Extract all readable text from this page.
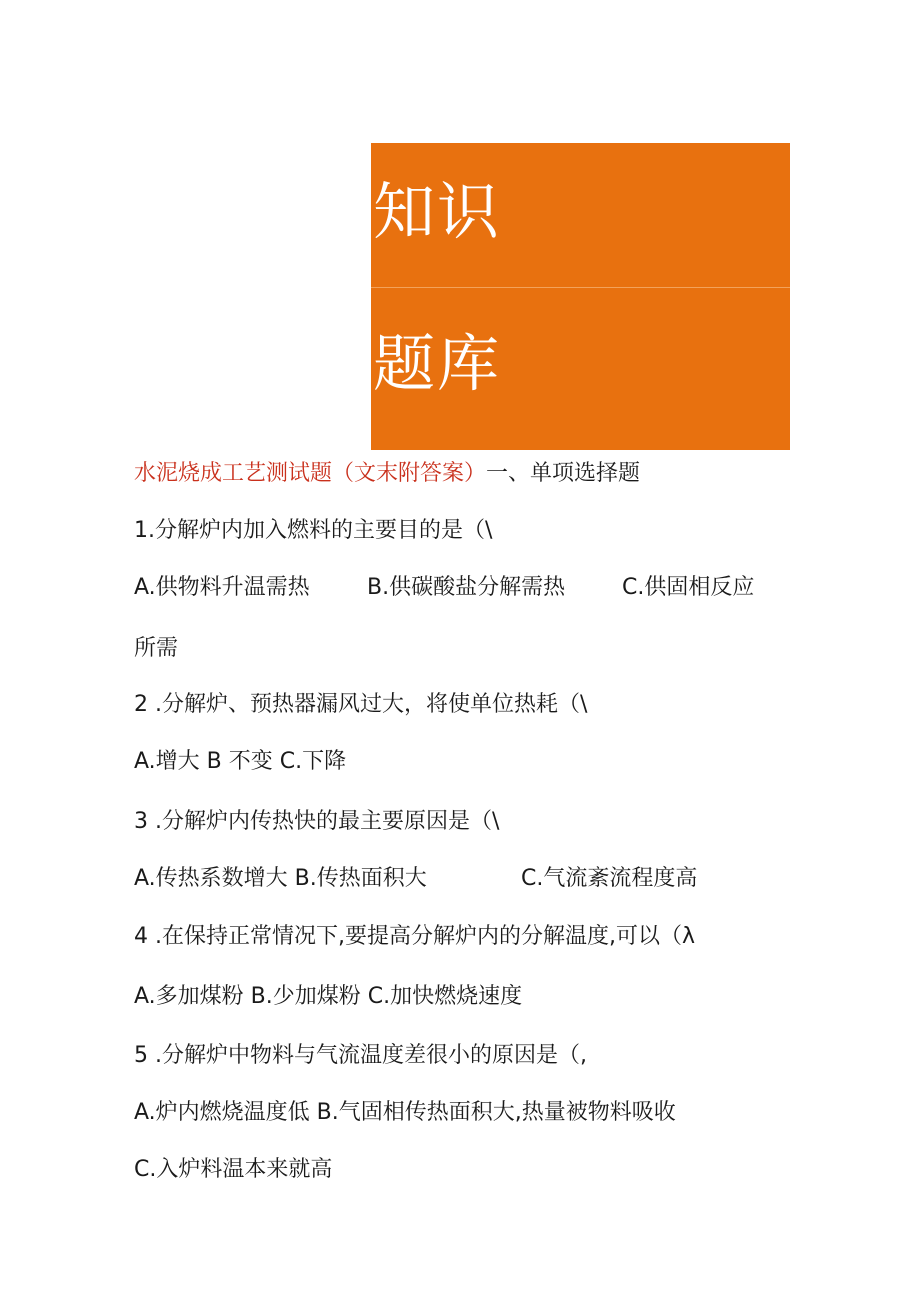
知识
题库
水泥烧成工艺测试题（文末附答案）一、单项选择题
1.分解炉内加入燃料的主要目的是（\
A.供物料升温需热	B.供碳酸盐分解需热	C.供固相反应
所需
2 .分解炉、预热器漏风过大，将使单位热耗（\
A.增大 B 不变 C.下降
3 .分解炉内传热快的最主要原因是（\
A.传热系数增大 B.传热面积大	C.气流紊流程度高
4 .在保持正常情况下,要提高分解炉内的分解温度,可以（λ
A.多加煤粉 B.少加煤粉 C.加快燃烧速度
5 .分解炉中物料与气流温度差很小的原因是（,
A.炉内燃烧温度低 B.气固相传热面积大,热量被物料吸收
C.入炉料温本来就高
